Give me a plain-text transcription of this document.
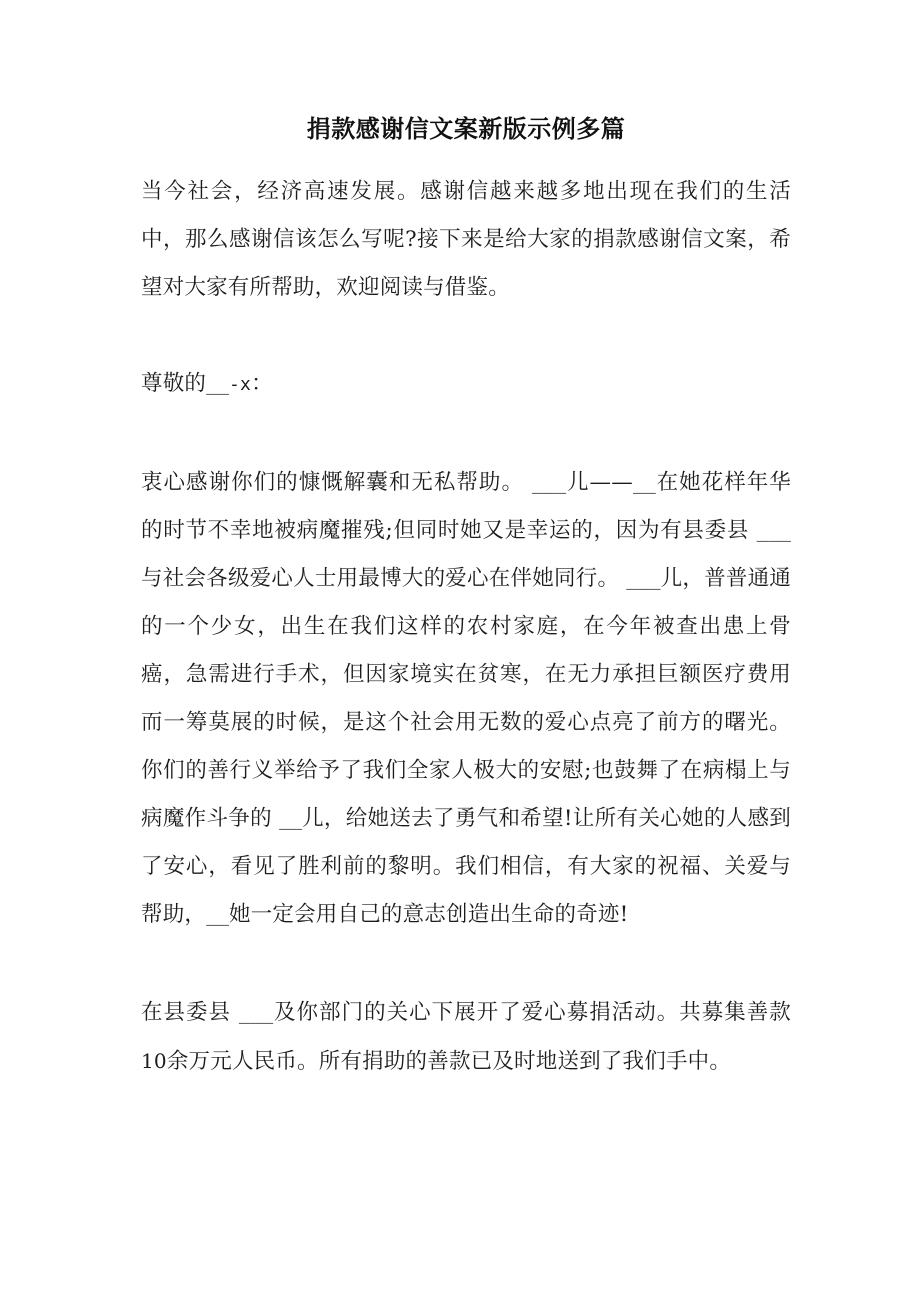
捐款感谢信文案新版示例多篇

当今社会，经济高速发展。感谢信越来越多地出现在我们的生活中，那么感谢信该怎么写呢?接下来是给大家的捐款感谢信文案，希望对大家有所帮助，欢迎阅读与借鉴。

尊敬的__-x：

衷心感谢你们的慷慨解囊和无私帮助。 ___儿——__在她花样年华的时节不幸地被病魔摧残;但同时她又是幸运的，因为有县委县 ___与社会各级爱心人士用最博大的爱心在伴她同行。 ___儿，普普通通的一个少女，出生在我们这样的农村家庭，在今年被查出患上骨癌，急需进行手术，但因家境实在贫寒，在无力承担巨额医疗费用而一筹莫展的时候，是这个社会用无数的爱心点亮了前方的曙光。你们的善行义举给予了我们全家人极大的安慰;也鼓舞了在病榻上与病魔作斗争的 __儿，给她送去了勇气和希望!让所有关心她的人感到了安心，看见了胜利前的黎明。我们相信，有大家的祝福、关爱与帮助，__她一定会用自己的意志创造出生命的奇迹!

在县委县 ___及你部门的关心下展开了爱心募捐活动。共募集善款10余万元人民币。所有捐助的善款已及时地送到了我们手中。
